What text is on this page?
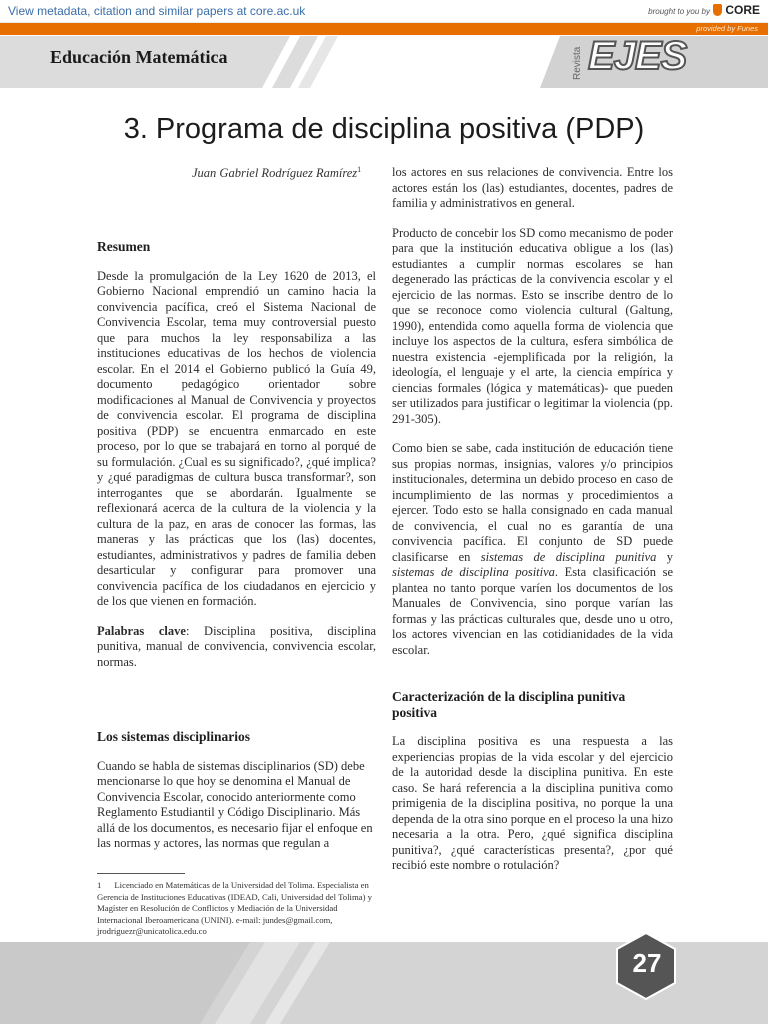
View metadata, citation and similar papers at core.ac.uk	brought to you by	CORE
provided by Funes
Educación Matemática	Revista EJES
3. Programa de disciplina positiva (PDP)
Juan Gabriel Rodríguez Ramírez$^1$
Resumen

Desde la promulgación de la Ley 1620 de 2013, el Gobierno Nacional emprendió un camino hacia la convivencia pacífica, creó el Sistema Nacional de Convivencia Escolar, tema muy controversial puesto que para muchos la ley responsabiliza a las instituciones educativas de los hechos de violencia escolar. En el 2014 el Gobierno publicó la Guía 49, documento pedagógico orientador sobre modificaciones al Manual de Convivencia y proyectos de convivencia escolar. El programa de disciplina positiva (PDP) se encuentra enmarcado en este proceso, por lo que se trabajará en torno al porqué de su formulación. ¿Cual es su significado?, ¿qué implica? y ¿qué paradigmas de cultura busca transformar?, son interrogantes que se abordarán. Igualmente se reflexionará acerca de la cultura de la violencia y la cultura de la paz, en aras de conocer las formas, las maneras y las prácticas que los (las) docentes, estudiantes, administrativos y padres de familia deben desarticular y configurar para promover una convivencia pacífica de los ciudadanos en ejercicio y de los que vienen en formación.

Palabras clave: Disciplina positiva, disciplina punitiva, manual de convivencia, convivencia escolar, normas.

Los sistemas disciplinarios

Cuando se habla de sistemas disciplinarios (SD) debe mencionarse lo que hoy se denomina el Manual de Convivencia Escolar, conocido anteriormente como Reglamento Estudiantil y Código Disciplinario. Más allá de los documentos, es necesario fijar el enfoque en las normas y actores, las normas que regulan a

1 Licenciado en Matemáticas de la Universidad del Tolima. Especialista en Gerencia de Instituciones Educativas (IDEAD, Cali, Universidad del Tolima) y Magíster en Resolución de Conflictos y Mediación de la Universidad Internacional Iberoamericana (UNINI). e-mail: jundes@gmail.com, jrodriguezr@unicatolica.edu.co

los actores en sus relaciones de convivencia. Entre los actores están los (las) estudiantes, docentes, padres de familia y administrativos en general.

Producto de concebir los SD como mecanismo de poder para que la institución educativa obligue a los (las) estudiantes a cumplir normas escolares se han degenerado las prácticas de la convivencia escolar y el ejercicio de las normas. Esto se inscribe dentro de lo que se reconoce como violencia cultural (Galtung, 1990), entendida como aquella forma de violencia que incluye los aspectos de la cultura, esfera simbólica de nuestra existencia -ejemplificada por la religión, la ideología, el lenguaje y el arte, la ciencia empírica y ciencias formales (lógica y matemáticas)- que pueden ser utilizados para justificar o legitimar la violencia (pp. 291-305).

Como bien se sabe, cada institución de educación tiene sus propias normas, insignias, valores y/o principios institucionales, determina un debido proceso en caso de incumplimiento de las normas y procedimientos a ejercer. Todo esto se halla consignado en cada manual de convivencia, el cual no es garantía de una convivencia pacífica. El conjunto de SD puede clasificarse en sistemas de disciplina punitiva y sistemas de disciplina positiva. Esta clasificación se plantea no tanto porque varíen los documentos de los Manuales de Convivencia, sino porque varían las formas y las prácticas culturales que, desde uno u otro, los actores vivencian en las cotidianidades de la vida escolar.

Caracterización de la disciplina punitiva positiva

La disciplina positiva es una respuesta a las experiencias propias de la vida escolar y del ejercicio de la autoridad desde la disciplina punitiva. En este caso. Se hará referencia a la disciplina punitiva como primigenia de la disciplina positiva, no porque la una dependa de la otra sino porque en el proceso la una hizo necesaria a la otra. Pero, ¿qué significa disciplina punitiva?, ¿qué características presenta?, ¿por qué recibió este nombre o rotulación?

27
